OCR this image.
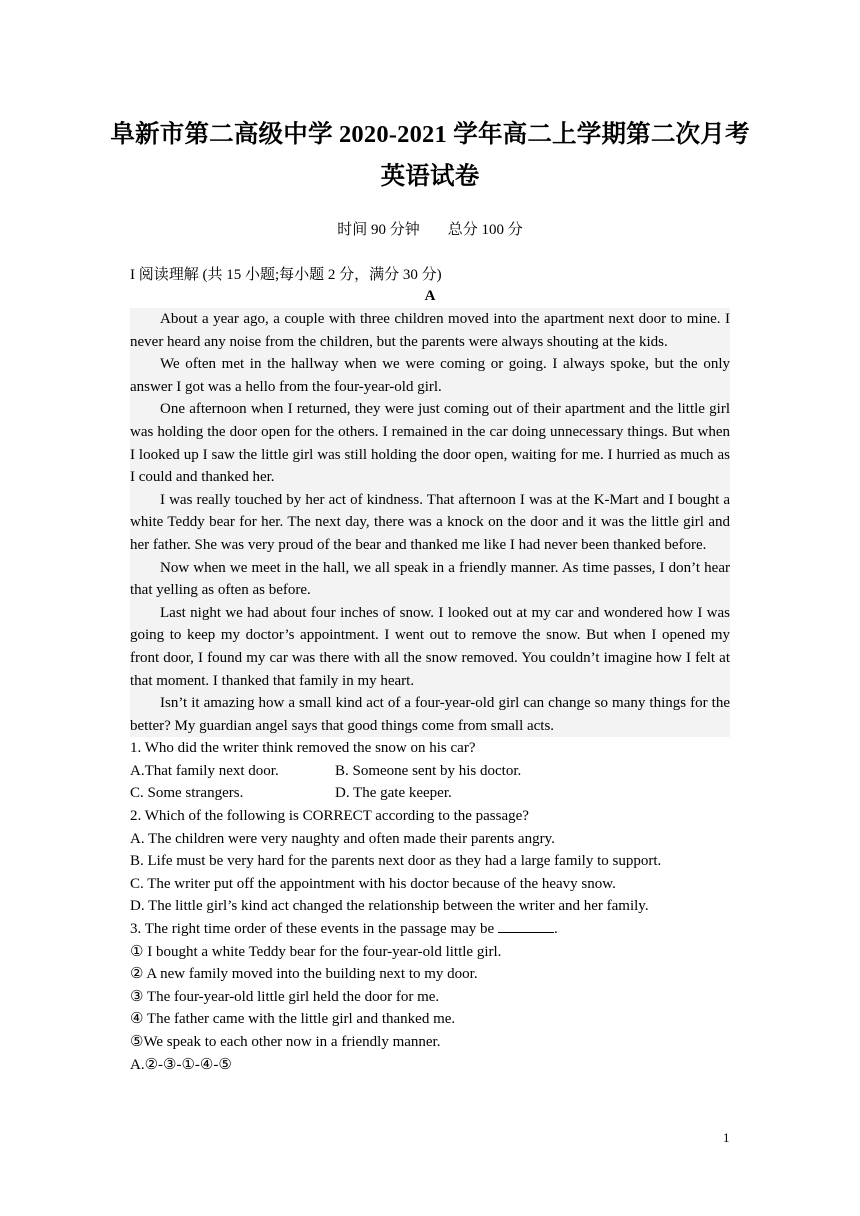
阜新市第二高级中学 2020-2021 学年高二上学期第二次月考
英语试卷
时间 90 分钟 总分 100 分
I 阅读理解 (共 15 小题;每小题 2 分，满分 30 分)
A

About a year ago, a couple with three children moved into the apartment next door to mine. I never heard any noise from the children, but the parents were always shouting at the kids.

We often met in the hallway when we were coming or going. I always spoke, but the only answer I got was a hello from the four-year-old girl.

One afternoon when I returned, they were just coming out of their apartment and the little girl was holding the door open for the others. I remained in the car doing unnecessary things. But when I looked up I saw the little girl was still holding the door open, waiting for me. I hurried as much as I could and thanked her.

I was really touched by her act of kindness. That afternoon I was at the K-Mart and I bought a white Teddy bear for her. The next day, there was a knock on the door and it was the little girl and her father. She was very proud of the bear and thanked me like I had never been thanked before.

Now when we meet in the hall, we all speak in a friendly manner. As time passes, I don’t hear that yelling as often as before.

Last night we had about four inches of snow. I looked out at my car and wondered how I was going to keep my doctor’s appointment. I went out to remove the snow. But when I opened my front door, I found my car was there with all the snow removed. You couldn’t imagine how I felt at that moment. I thanked that family in my heart.

Isn’t it amazing how a small kind act of a four-year-old girl can change so many things for the better? My guardian angel says that good things come from small acts.

1. Who did the writer think removed the snow on his car?

A.That family next door.	B. Someone sent by his doctor.
C. Some strangers.	D. The gate keeper.

2. Which of the following is CORRECT according to the passage?

A. The children were very naughty and often made their parents angry.

B. Life must be very hard for the parents next door as they had a large family to support.

C. The writer put off the appointment with his doctor because of the heavy snow.

D. The little girl’s kind act changed the relationship between the writer and her family.

3. The right time order of these events in the passage may be	.

① I bought a white Teddy bear for the four-year-old little girl.

② A new family moved into the building next to my door.

③ The four-year-old little girl held the door for me.

④ The father came with the little girl and thanked me.

⑤We speak to each other now in a friendly manner.

A.②-③-①-④-⑤

1
